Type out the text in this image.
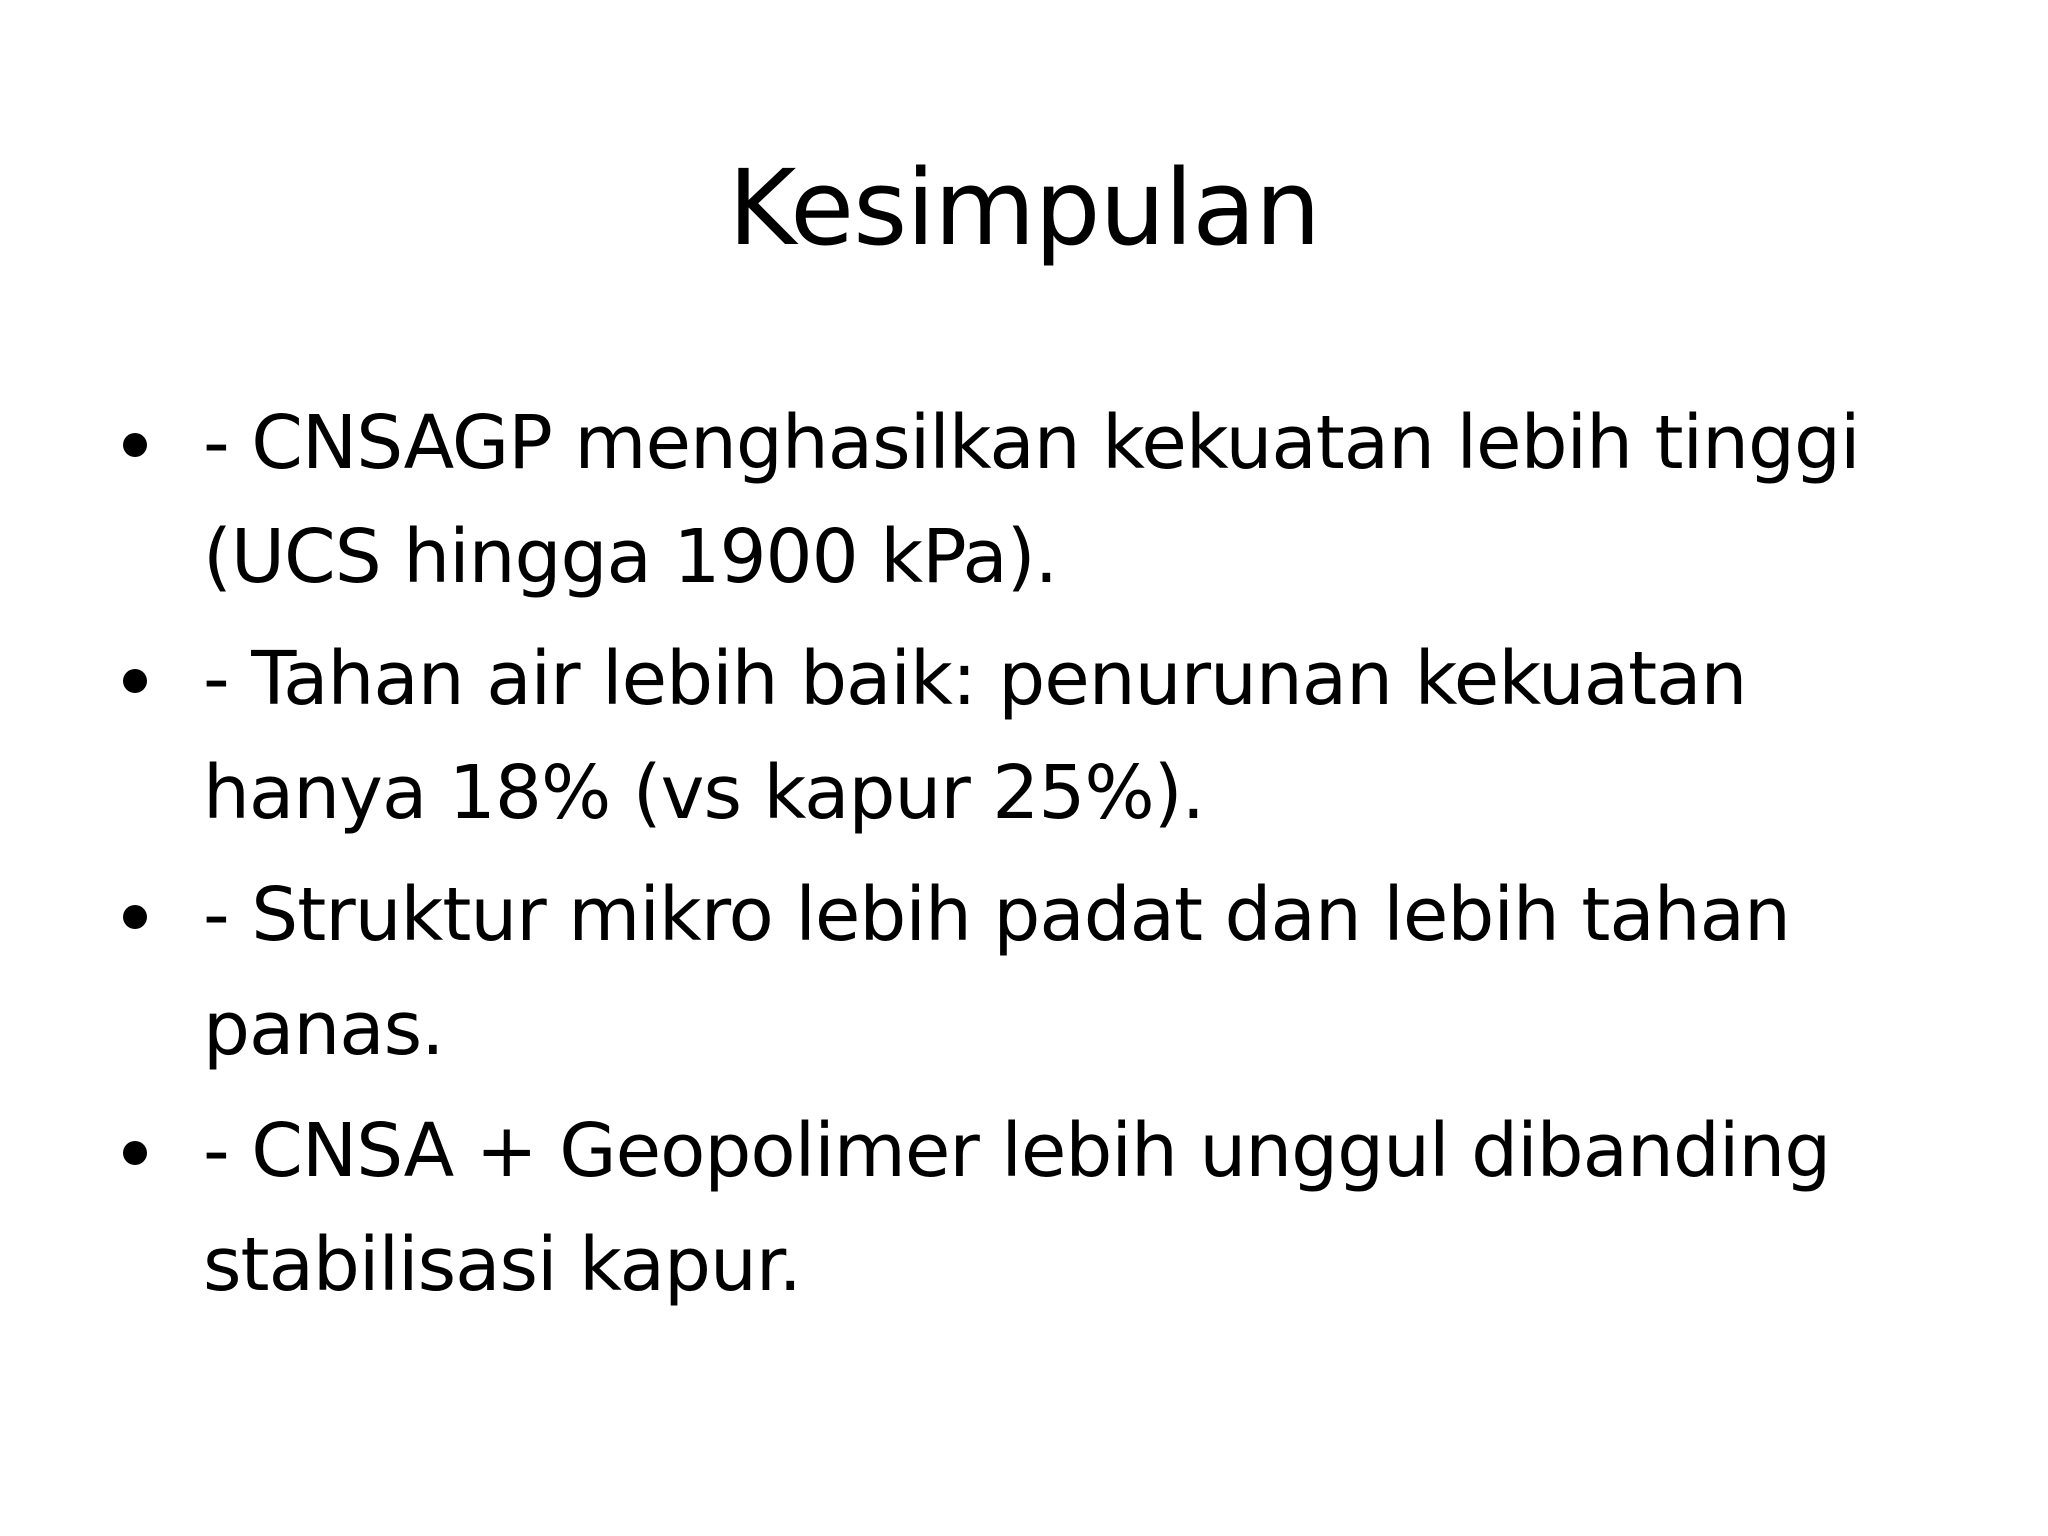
Kesimpulan
- CNSAGP menghasilkan kekuatan lebih tinggi (UCS hingga 1900 kPa).
- Tahan air lebih baik: penurunan kekuatan hanya 18% (vs kapur 25%).
- Struktur mikro lebih padat dan lebih tahan panas.
- CNSA + Geopolimer lebih unggul dibanding stabilisasi kapur.
